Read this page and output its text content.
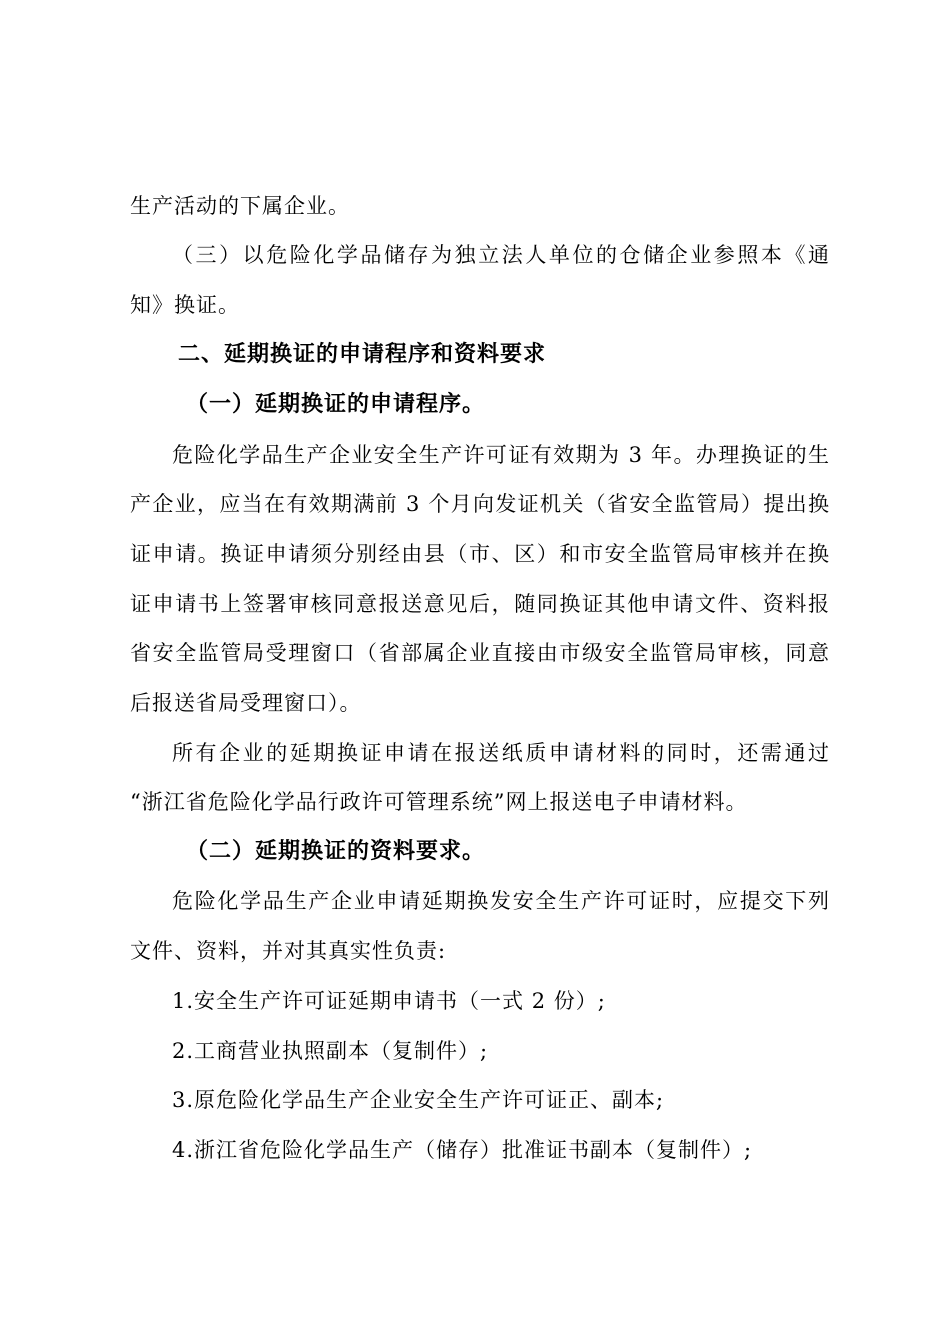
生产活动的下属企业。
（三）以危险化学品储存为独立法人单位的仓储企业参照本《通
知》换证。
二、延期换证的申请程序和资料要求
（一）延期换证的申请程序。
危险化学品生产企业安全生产许可证有效期为 3 年。办理换证的生
产企业，应当在有效期满前 3 个月向发证机关（省安全监管局）提出换
证申请。换证申请须分别经由县（市、区）和市安全监管局审核并在换
证申请书上签署审核同意报送意见后，随同换证其他申请文件、资料报
省安全监管局受理窗口（省部属企业直接由市级安全监管局审核，同意
后报送省局受理窗口）。
所有企业的延期换证申请在报送纸质申请材料的同时，还需通过
“浙江省危险化学品行政许可管理系统”网上报送电子申请材料。
（二）延期换证的资料要求。
危险化学品生产企业申请延期换发安全生产许可证时，应提交下列
文件、资料，并对其真实性负责:
1.安全生产许可证延期申请书（一式 2 份）;
2.工商营业执照副本（复制件）;
3.原危险化学品生产企业安全生产许可证正、副本;
4.浙江省危险化学品生产（储存）批准证书副本（复制件）;
